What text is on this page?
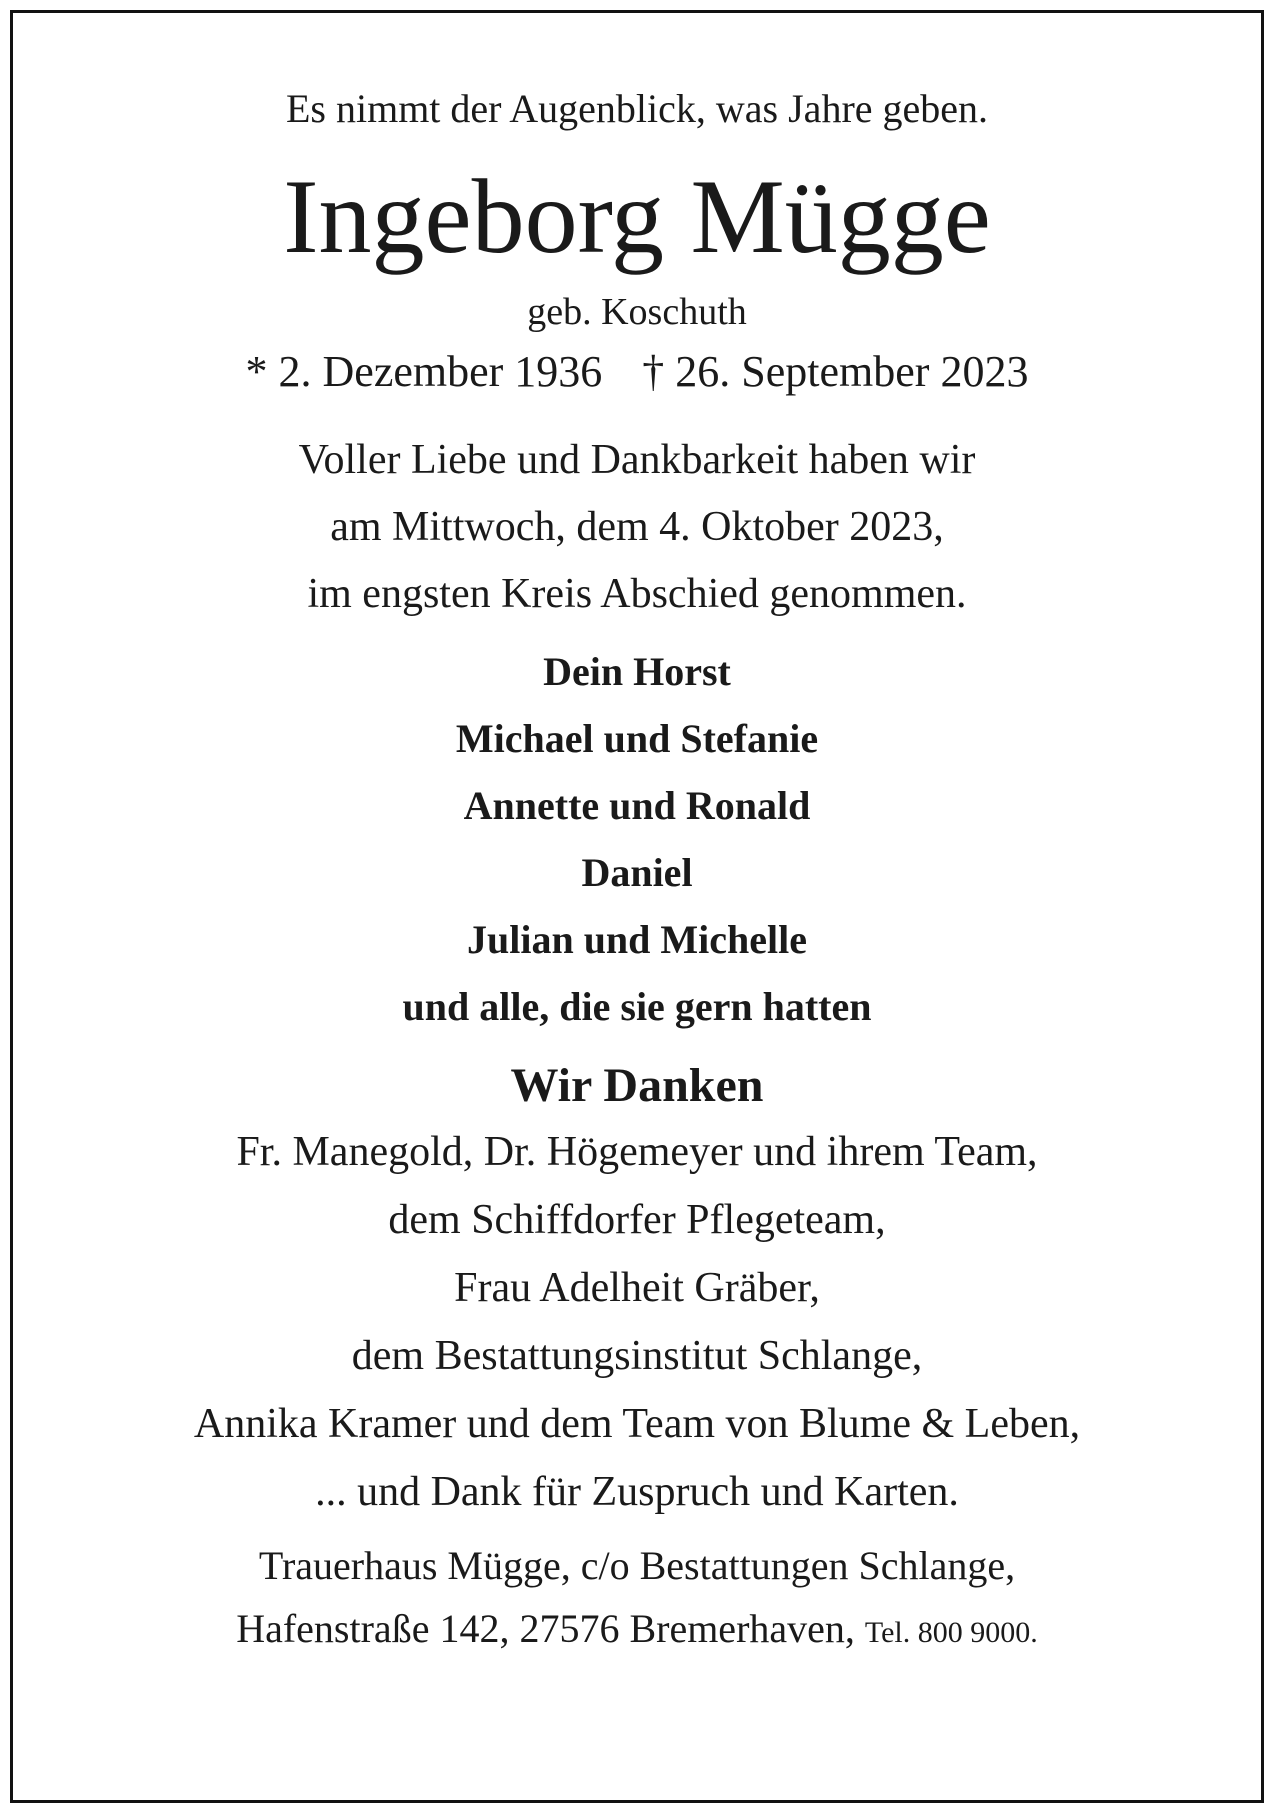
Es nimmt der Augenblick, was Jahre geben.
Ingeborg Mügge
geb. Koschuth
* 2. Dezember 1936 † 26. September 2023
Voller Liebe und Dankbarkeit haben wir
am Mittwoch, dem 4. Oktober 2023,
im engsten Kreis Abschied genommen.
Dein Horst
Michael und Stefanie
Annette und Ronald
Daniel
Julian und Michelle
und alle, die sie gern hatten
Wir Danken
Fr. Manegold, Dr. Högemeyer und ihrem Team,
dem Schiffdorfer Pflegeteam,
Frau Adelheit Gräber,
dem Bestattungsinstitut Schlange,
Annika Kramer und dem Team von Blume & Leben,
... und Dank für Zuspruch und Karten.
Trauerhaus Mügge, c/o Bestattungen Schlange,
Hafenstraße 142, 27576 Bremerhaven, Tel. 800 9000.
